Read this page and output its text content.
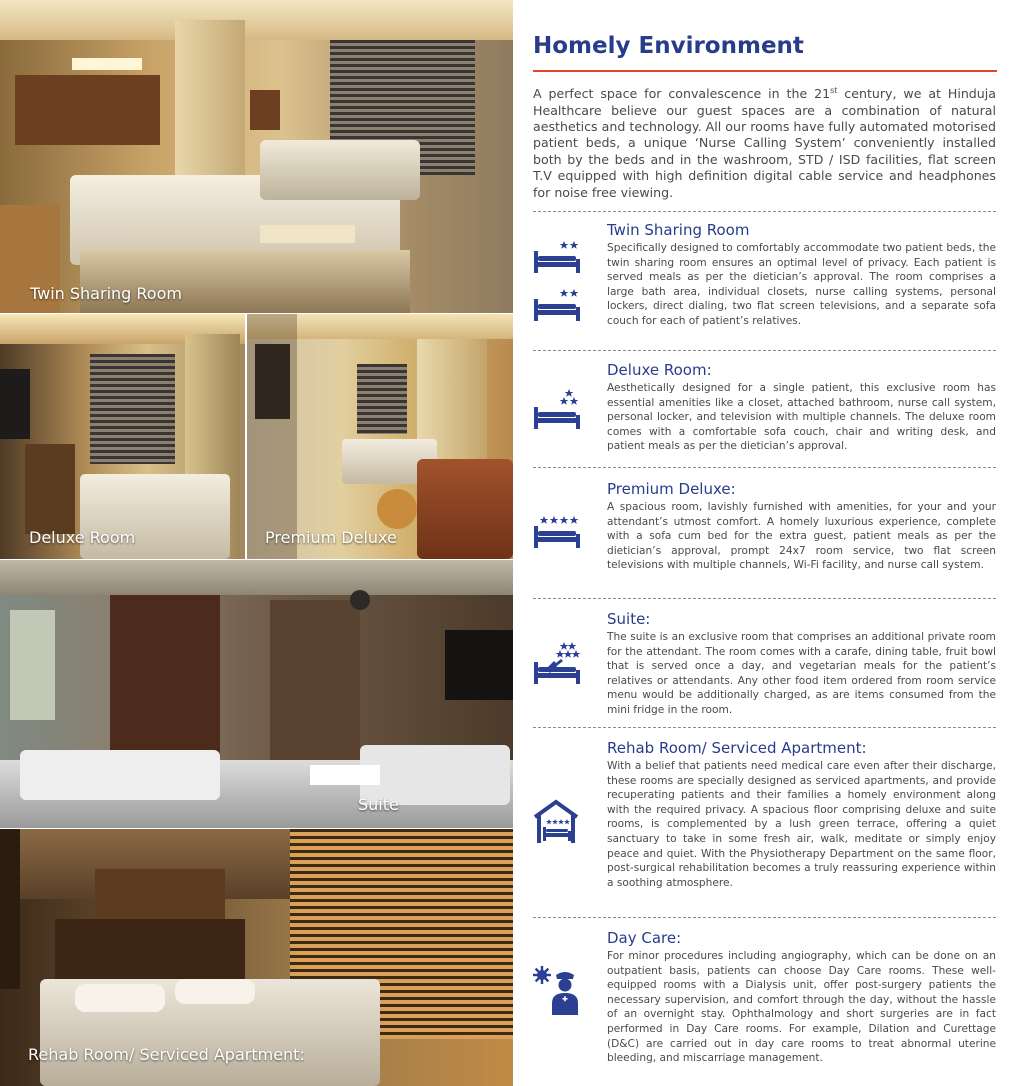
Twin Sharing Room
Deluxe Room	Premium Deluxe
Suite
Rehab Room/ Serviced Apartment:
Homely Environment

A perfect space for convalescence in the 21st century, we at Hinduja Healthcare believe our guest spaces are a combination of natural aesthetics and technology. All our rooms have fully automated motorised patient beds, a unique ‘Nurse Calling System’ conveniently installed both by the beds and in the washroom, STD / ISD facilities, flat screen T.V equipped with high definition digital cable service and headphones for noise free viewing.

Twin Sharing Room

Specifically designed to comfortably accommodate two patient beds, the twin sharing room ensures an optimal level of privacy. Each patient is served meals as per the dietician’s approval. The room comprises a large bath area, individual closets, nurse calling systems, personal lockers, direct dialing, two flat screen televisions, and a separate sofa couch for each of patient’s relatives.

Deluxe Room:

Aesthetically designed for a single patient, this exclusive room has essential amenities like a closet, attached bathroom, nurse call system, personal locker, and television with multiple channels. The deluxe room comes with a comfortable sofa couch, chair and writing desk, and patient meals as per the dietician’s approval.

Premium Deluxe:

A spacious room, lavishly furnished with amenities, for your and your attendant’s utmost comfort. A homely luxurious experience, complete with a sofa cum bed for the extra guest, patient meals as per the dietician’s approval, prompt 24x7 room service, two flat screen televisions with multiple channels, Wi-Fi facility, and nurse call system.

Suite:

The suite is an exclusive room that comprises an additional private room for the attendant. The room comes with a carafe, dining table, fruit bowl that is served once a day, and vegetarian meals for the patient’s relatives or attendants. Any other food item ordered from room service menu would be additionally charged, as are items consumed from the mini fridge in the room.

Rehab Room/ Serviced Apartment:

With a belief that patients need medical care even after their discharge, these rooms are specially designed as serviced apartments, and provide recuperating patients and their families a homely environment along with the required privacy. A spacious floor comprising deluxe and suite rooms, is complemented by a lush green terrace, offering a quiet sanctuary to take in some fresh air, walk, meditate or simply enjoy peace and quiet. With the Physiotherapy Department on the same floor, post-surgical rehabilitation becomes a truly reassuring experience within a soothing atmosphere.

Day Care:

For minor procedures including angiography, which can be done on an outpatient basis, patients can choose Day Care rooms. These well-equipped rooms with a Dialysis unit, offer post-surgery patients the necessary supervision, and comfort through the day, without the hassle of an overnight stay. Ophthalmology and short surgeries are in fact performed in Day Care rooms. For example, Dilation and Curettage (D&C) are carried out in day care rooms to treat abnormal uterine bleeding, and miscarriage management.
